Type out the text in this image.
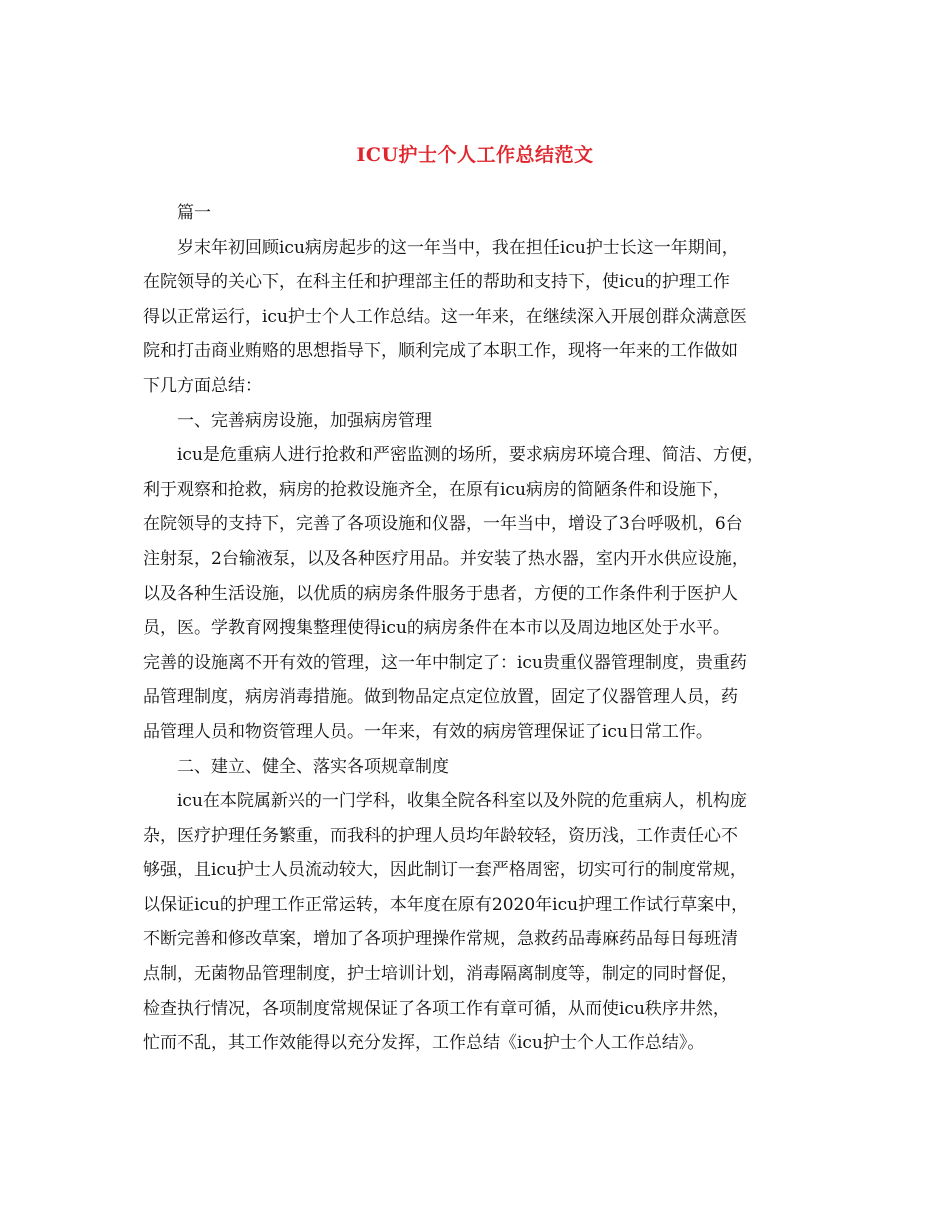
ICU护士个人工作总结范文
篇一
岁末年初回顾icu病房起步的这一年当中，我在担任icu护士长这一年期间，
在院领导的关心下，在科主任和护理部主任的帮助和支持下，使icu的护理工作
得以正常运行，icu护士个人工作总结。这一年来，在继续深入开展创群众满意医
院和打击商业贿赂的思想指导下，顺利完成了本职工作，现将一年来的工作做如
下几方面总结：
一、完善病房设施，加强病房管理
icu是危重病人进行抢救和严密监测的场所，要求病房环境合理、简洁、方便，
利于观察和抢救，病房的抢救设施齐全，在原有icu病房的简陋条件和设施下，
在院领导的支持下，完善了各项设施和仪器，一年当中，增设了3台呼吸机，6台
注射泵，2台输液泵，以及各种医疗用品。并安装了热水器，室内开水供应设施，
以及各种生活设施，以优质的病房条件服务于患者，方便的工作条件利于医护人
员，医。学教育网搜集整理使得icu的病房条件在本市以及周边地区处于水平。
完善的设施离不开有效的管理，这一年中制定了：icu贵重仪器管理制度，贵重药
品管理制度，病房消毒措施。做到物品定点定位放置，固定了仪器管理人员，药
品管理人员和物资管理人员。一年来，有效的病房管理保证了icu日常工作。
二、建立、健全、落实各项规章制度
icu在本院属新兴的一门学科，收集全院各科室以及外院的危重病人，机构庞
杂，医疗护理任务繁重，而我科的护理人员均年龄较轻，资历浅，工作责任心不
够强，且icu护士人员流动较大，因此制订一套严格周密，切实可行的制度常规，
以保证icu的护理工作正常运转，本年度在原有2020年icu护理工作试行草案中，
不断完善和修改草案，增加了各项护理操作常规，急救药品毒麻药品每日每班清
点制，无菌物品管理制度，护士培训计划，消毒隔离制度等，制定的同时督促，
检查执行情况，各项制度常规保证了各项工作有章可循，从而使icu秩序井然，
忙而不乱，其工作效能得以充分发挥，工作总结《icu护士个人工作总结》。
